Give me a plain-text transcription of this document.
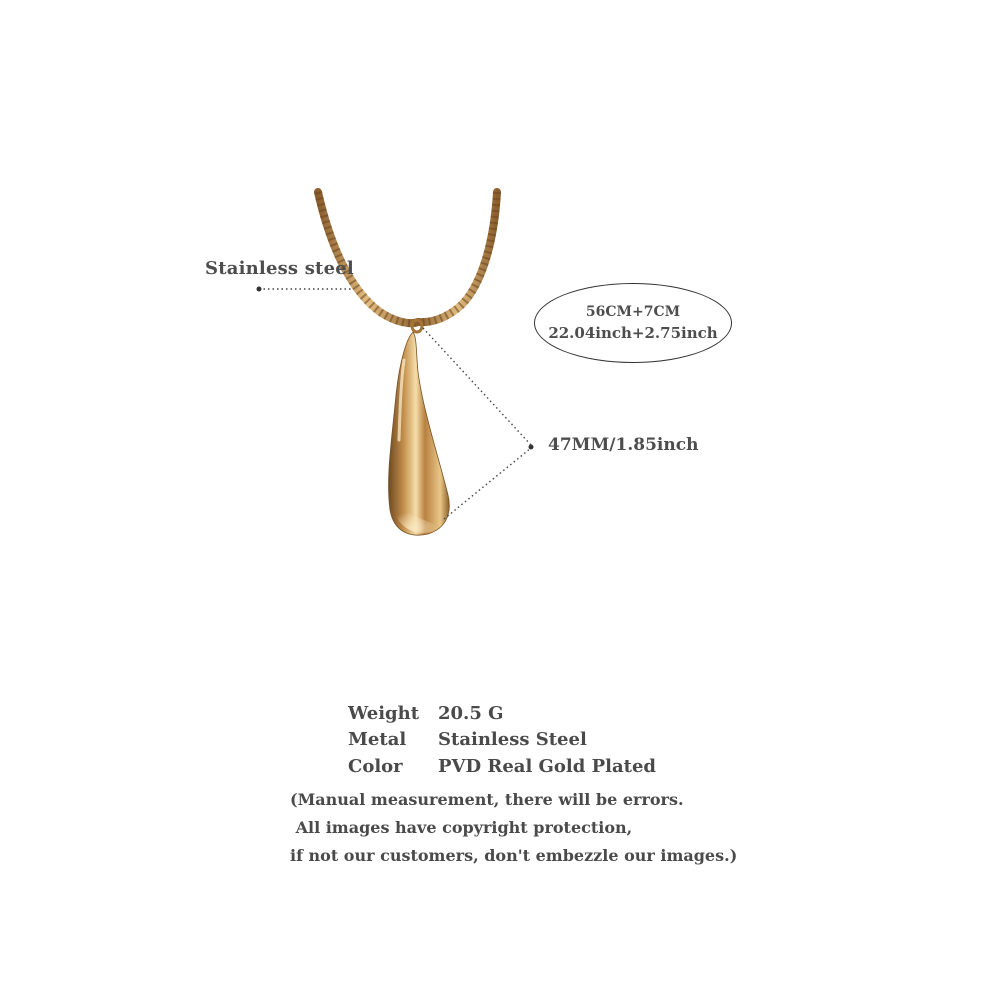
Stainless steel
56CM+7CM
22.04inch+2.75inch
47MM/1.85inch
Weight	20.5 G
Metal	Stainless Steel
Color	PVD Real Gold Plated
(Manual measurement, there will be errors.
All images have copyright protection,
if not our customers, don't embezzle our images.)
